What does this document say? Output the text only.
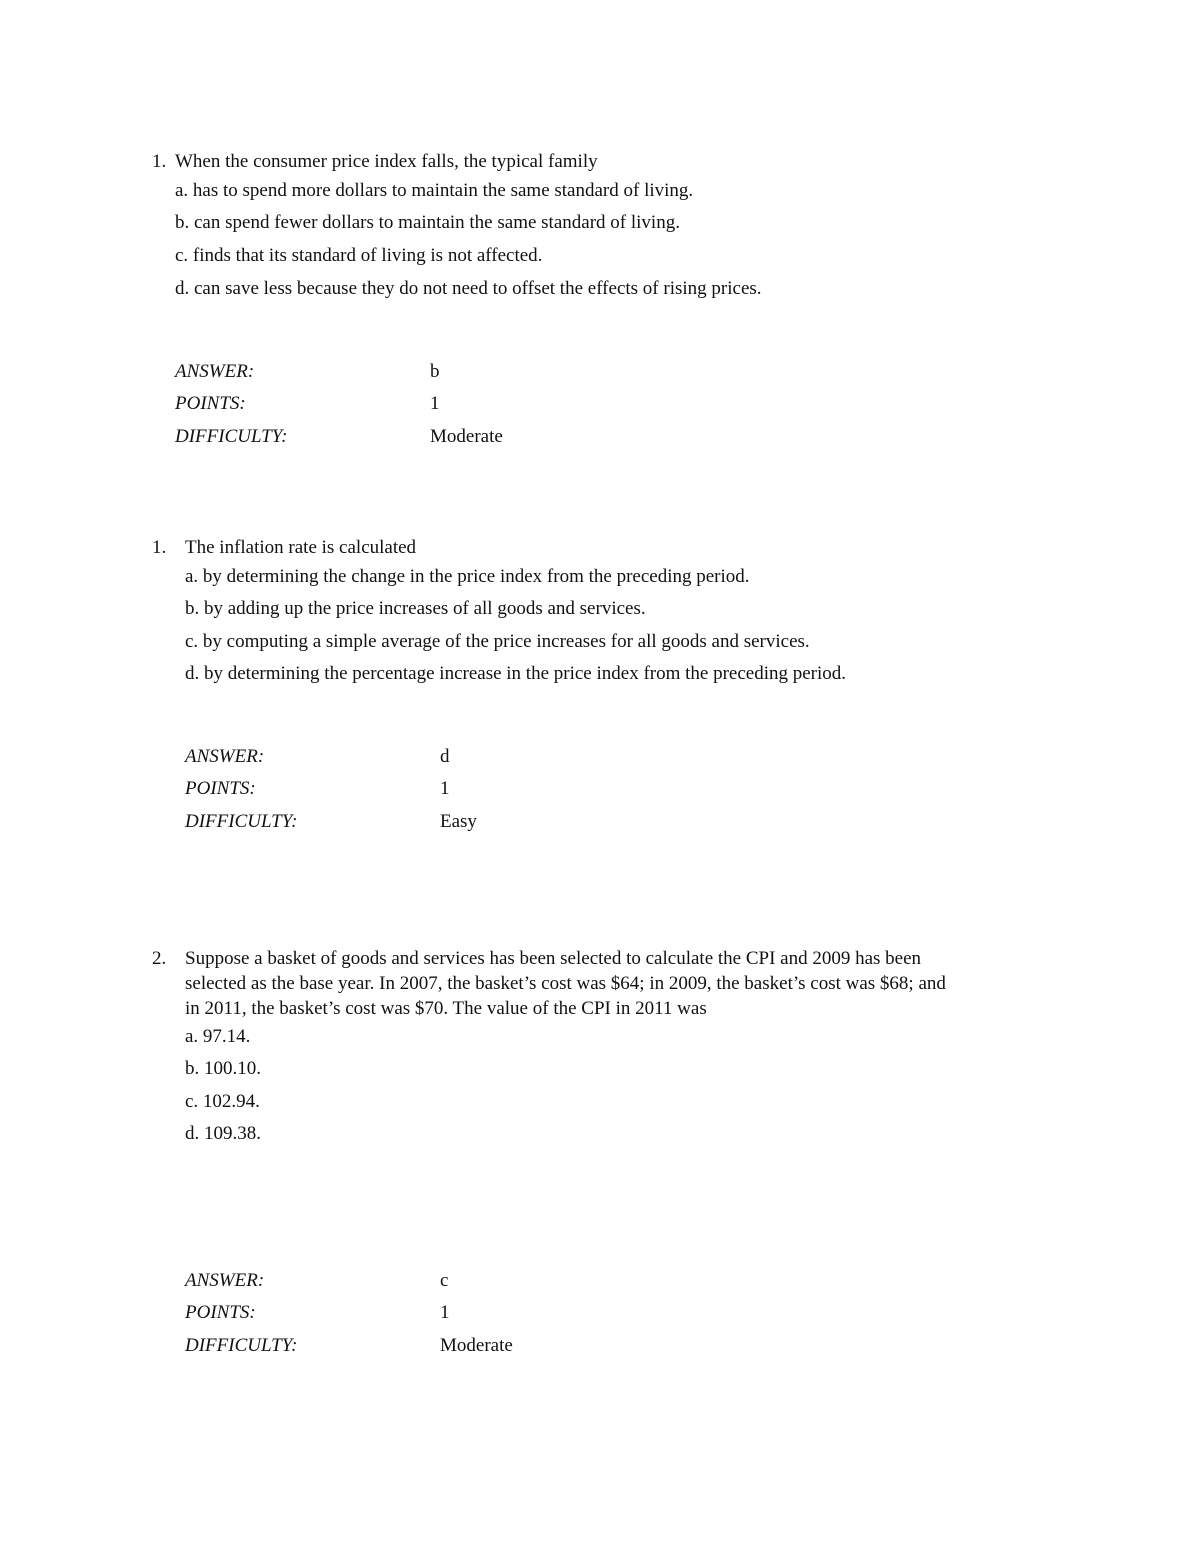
1. When the consumer price index falls, the typical family
a. has to spend more dollars to maintain the same standard of living.
b. can spend fewer dollars to maintain the same standard of living.
c. finds that its standard of living is not affected.
d. can save less because they do not need to offset the effects of rising prices.
ANSWER:	b
POINTS:	1
DIFFICULTY:	Moderate
1. The inflation rate is calculated
a. by determining the change in the price index from the preceding period.
b. by adding up the price increases of all goods and services.
c. by computing a simple average of the price increases for all goods and services.
d. by determining the percentage increase in the price index from the preceding period.
ANSWER:	d
POINTS:	1
DIFFICULTY:	Easy
2. Suppose a basket of goods and services has been selected to calculate the CPI and 2009 has been
selected as the base year. In 2007, the basket’s cost was $64; in 2009, the basket’s cost was $68; and
in 2011, the basket’s cost was $70. The value of the CPI in 2011 was
a. 97.14.
b. 100.10.
c. 102.94.
d. 109.38.
ANSWER:	c
POINTS:	1
DIFFICULTY:	Moderate
